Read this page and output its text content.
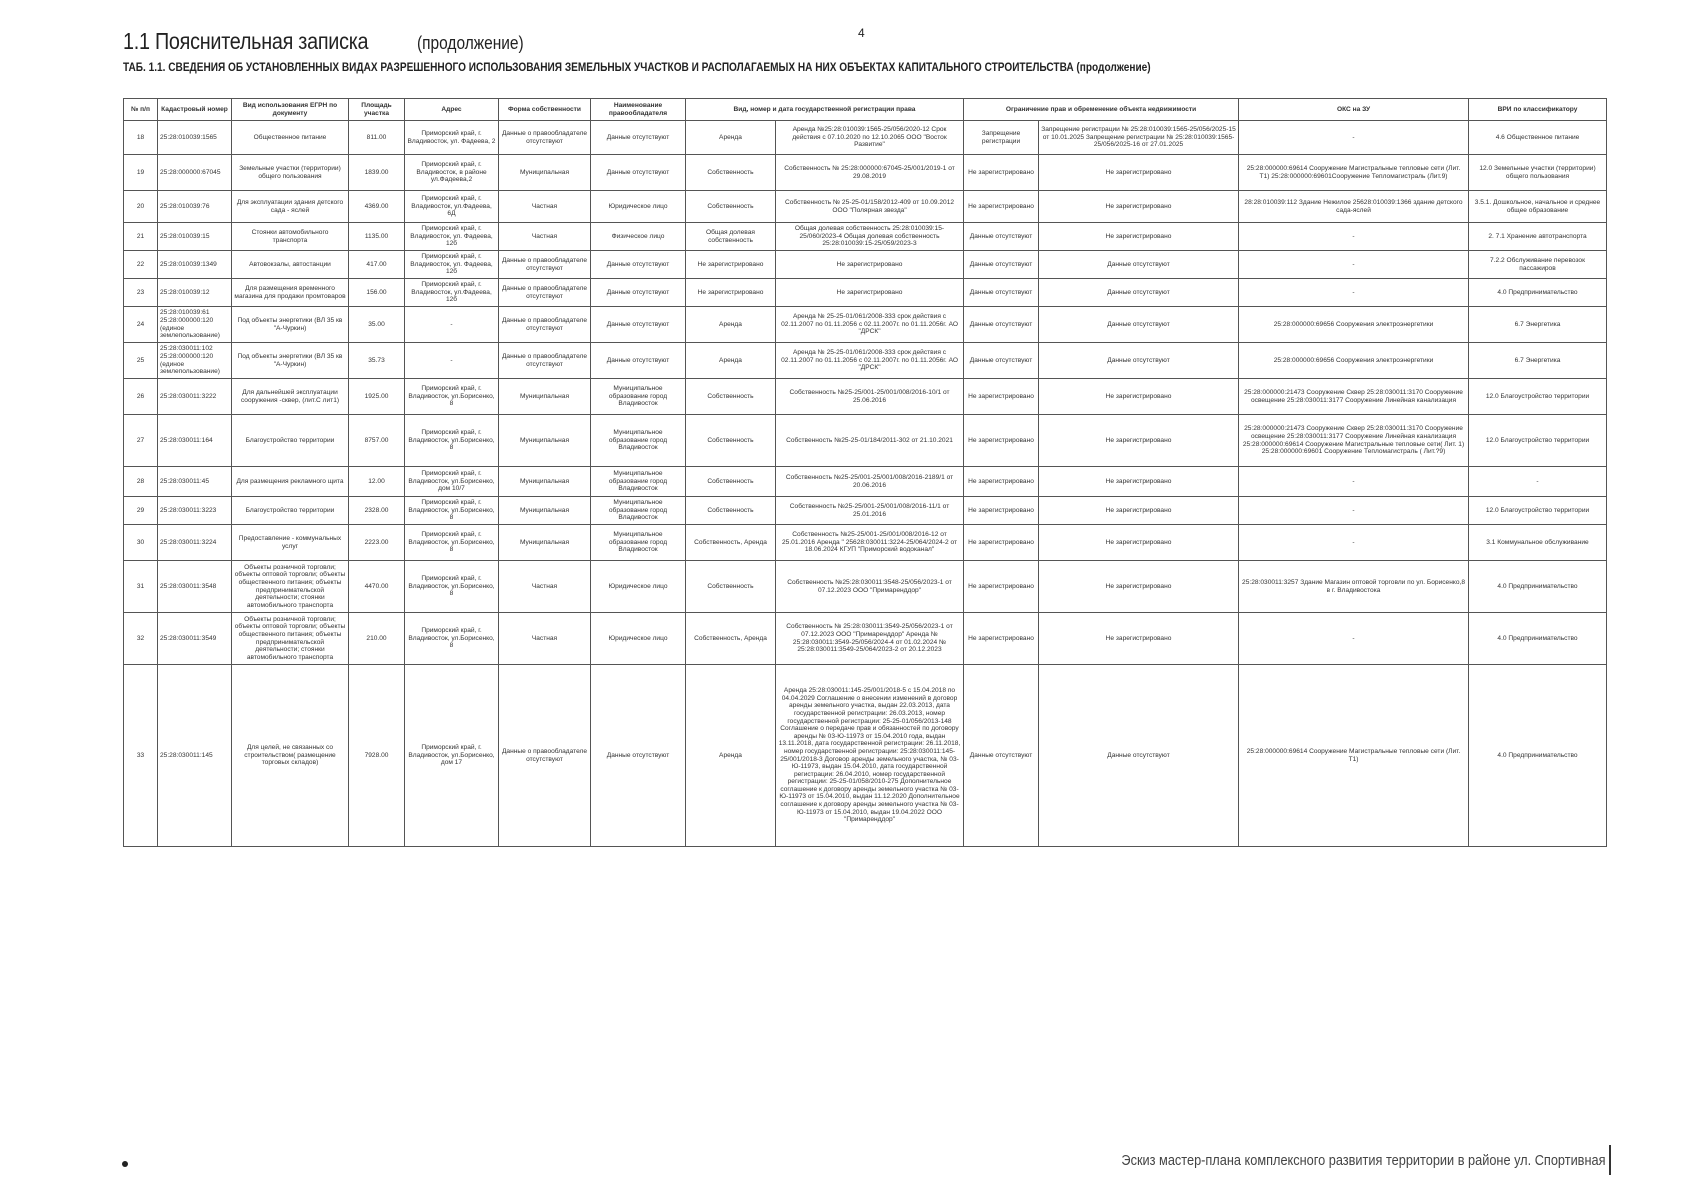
4
1.1 Пояснительная записка	(продолжение)
ТАБ. 1.1. СВЕДЕНИЯ ОБ УСТАНОВЛЕННЫХ ВИДАХ РАЗРЕШЕННОГО ИСПОЛЬЗОВАНИЯ ЗЕМЕЛЬНЫХ УЧАСТКОВ И РАСПОЛАГАЕМЫХ НА НИХ ОБЪЕКТАХ КАПИТАЛЬНОГО СТРОИТЕЛЬСТВА (продолжение)
№ п/п	Кадастровый номер	Вид использования ЕГРН по документу	Площадь участка	Адрес	Форма собственности	Наименование правообладателя	Вид, номер и дата государственной регистрации права		Ограничение прав и обременение объекта недвижимости		ОКС на ЗУ	ВРИ по классификатору
18	25:28:010039:1565	Общественное питание	811.00	Приморский край, г. Владивосток, ул. Фадеева, 2	Данные о правообладателе отсутствуют	Данные отсутствуют	Аренда	Аренда №25:28:010039:1565-25/056/2020-12 Срок действия с 07.10.2020 по 12.10.2065 ООО "Восток Развитие"	Запрещение регистрации	Запрещение регистрации № 25:28:010039:1565-25/056/2025-15 от 10.01.2025 Запрещение регистрации № 25:28:010039:1565-25/056/2025-16 от 27.01.2025	-	4.6 Общественное питание
19	25:28:000000:67045	Земельные участки (территории) общего пользования	1839.00	Приморский край, г. Владивосток, в районе ул.Фадеева,2	Муниципальная	Данные отсутствуют	Собственность	Собственность № 25:28:000000:67045-25/001/2019-1 от 29.08.2019	Не зарегистрировано	Не зарегистрировано	25:28:000000:69614 Сооружение Магистральные тепловые сети (Лит. Т1) 25:28:000000:69601Сооружение Тепломагистраль (Лит.9)	12.0 Земельные участки (территории) общего пользования
20	25:28:010039:76	Для эксплуатации здания детского сада - яслей	4369.00	Приморский край, г. Владивосток, ул.Фадеева, 6Д	Частная	Юридическое лицо	Собственность	Собственность № 25-25-01/158/2012-409 от 10.09.2012 ООО "Полярная звезда"	Не зарегистрировано	Не зарегистрировано	28:28:010039:112 Здание Нежилое 25628:010039:1366 здание детского сада-яслей	3.5.1. Дошкольное, начальное и среднее общее образование
21	25:28:010039:15	Стоянки автомобильного транспорта	1135.00	Приморский край, г. Владивосток, ул. Фадеева, 12б	Частная	Физическое лицо	Общая долевая собственность	Общая долевая собственность 25:28:010039:15-25/060/2023-4 Общая долевая собственность 25:28:010039:15-25/059/2023-3	Данные отсутствуют	Не зарегистрировано	-	2. 7.1 Хранение автотранспорта
22	25:28:010039:1349	Автовокзалы, автостанции	417.00	Приморский край, г. Владивосток, ул. Фадеева, 12б	Данные о правообладателе отсутствуют	Данные отсутствуют	Не зарегистрировано	Не зарегистрировано	Данные отсутствуют	Данные отсутствуют	-	7.2.2 Обслуживание перевозок пассажиров
23	25:28:010039:12	Для размещения временного магазина для продажи промтоваров	156.00	Приморский край, г. Владивосток, ул.Фадеева, 12б	Данные о правообладателе отсутствуют	Данные отсутствуют	Не зарегистрировано	Не зарегистрировано	Данные отсутствуют	Данные отсутствуют	-	4.0 Предпринимательство
24	25:28:010039:61 25:28:000000:120 (единое землепользование)	Под объекты энергетики (ВЛ 35 кв "А-Чуркин)	35.00	-	Данные о правообладателе отсутствуют	Данные отсутствуют	Аренда	Аренда № 25-25-01/061/2008-333 срок действия с 02.11.2007 по 01.11.2056 с 02.11.2007г. по 01.11.2056г. АО "ДРСК"	Данные отсутствуют	Данные отсутствуют	25:28:000000:69656 Сооружения электроэнергетики	6.7 Энергетика
25	25:28:030011:102 25:28:000000:120 (единое землепользование)	Под объекты энергетики (ВЛ 35 кв "А-Чуркин)	35.73	-	Данные о правообладателе отсутствуют	Данные отсутствуют	Аренда	Аренда № 25-25-01/061/2008-333 срок действия с 02.11.2007 по 01.11.2056 с 02.11.2007г. по 01.11.2056г. АО "ДРСК"	Данные отсутствуют	Данные отсутствуют	25:28:000000:69656 Сооружения электроэнергетики	6.7 Энергетика
26	25:28:030011:3222	Для дальнейшей эксплуатации сооружения -сквер, (лит.С лит1)	1925.00	Приморский край, г. Владивосток, ул.Борисенко, 8	Муниципальная	Муниципальное образование город Владивосток	Собственность	Собственность №25-25/001-25/001/008/2016-10/1 от 25.06.2016	Не зарегистрировано	Не зарегистрировано	25:28:000000:21473 Сооружение Сквер 25:28:030011:3170 Сооружение освещение 25:28:030011:3177 Сооружение Линейная канализация	12.0 Благоустройство территории
27	25:28:030011:164	Благоустройство территории	8757.00	Приморский край, г. Владивосток, ул.Борисенко, 8	Муниципальная	Муниципальное образование город Владивосток	Собственность	Собственность №25-25-01/184/2011-302 от 21.10.2021	Не зарегистрировано	Не зарегистрировано	25:28:000000:21473 Сооружение Сквер 25:28:030011:3170 Сооружение освещение 25:28:030011:3177 Сооружение Линейная канализация 25:28:000000:69614 Сооружение Магистральные тепловые сети( Лит. 1) 25:28:000000:69601 Сооружение Тепломагистраль ( Лит.?9)	12.0 Благоустройство территории
28	25:28:030011:45	Для размещения рекламного щита	12.00	Приморский край, г. Владивосток, ул.Борисенко, дом 10/7	Муниципальная	Муниципальное образование город Владивосток	Собственность	Собственность №25-25/001-25/001/008/2016-2189/1 от 20.06.2016	Не зарегистрировано	Не зарегистрировано	-	-
29	25:28:030011:3223	Благоустройство территории	2328.00	Приморский край, г. Владивосток, ул.Борисенко, 8	Муниципальная	Муниципальное образование город Владивосток	Собственность	Собственность №25-25/001-25/001/008/2016-11/1 от 25.01.2016	Не зарегистрировано	Не зарегистрировано	-	12.0 Благоустройство территории
30	25:28:030011:3224	Предоставление - коммунальных услуг	2223.00	Приморский край, г. Владивосток, ул.Борисенко, 8	Муниципальная	Муниципальное образование город Владивосток	Собственность, Аренда	Собственность №25-25/001-25/001/008/2016-12 от 25.01.2016 Аренда " 25628:030011:3224-25/064/2024-2 от 18.06.2024 КГУП "Приморский водоканал"	Не зарегистрировано	Не зарегистрировано	-	3.1 Коммунальное обслуживание
31	25:28:030011:3548	Объекты розничной торговли; объекты оптовой торговли; объекты общественного питания; объекты предпринимательской деятельности; стоянки автомобильного транспорта	4470.00	Приморский край, г. Владивосток, ул.Борисенко, 8	Частная	Юридическое лицо	Собственность	Собственность №25:28:030011:3548-25/056/2023-1 от 07.12.2023 ООО "Примаренддор"	Не зарегистрировано	Не зарегистрировано	25:28:030011:3257 Здание Магазин оптовой торговли по ул. Борисенко,8 в г. Владивостока	4.0 Предпринимательство
32	25:28:030011:3549	Объекты розничной торговли; объекты оптовой торговли; объекты общественного питания; объекты предпринимательской деятельности; стоянки автомобильного транспорта	210.00	Приморский край, г. Владивосток, ул.Борисенко, 8	Частная	Юридическое лицо	Собственность, Аренда	Собственность № 25:28:030011:3549-25/056/2023-1 от 07.12.2023 ООО "Примаренддор" Аренда № 25:28:030011:3549-25/056/2024-4 от 01.02.2024 № 25:28:030011:3549-25/064/2023-2 от 20.12.2023	Не зарегистрировано	Не зарегистрировано	-	4.0 Предпринимательство
33	25:28:030011:145	Для целей, не связанных со строительством( размещение торговых складов)	7928.00	Приморский край, г. Владивосток, ул.Борисенко, дом 17	Данные о правообладателе отсутствуют	Данные отсутствуют	Аренда	Аренда 25:28:030011:145-25/001/2018-5 с 15.04.2018 по 04.04.2029 Соглашение о внесении изменений в договор аренды земельного участка, выдан 22.03.2013, дата государственной регистрации: 26.03.2013, номер государственной регистрации: 25-25-01/056/2013-148 Соглашение о передаче прав и обязанностей по договору аренды № 03-Ю-11973 от 15.04.2010 года, выдан 13.11.2018, дата государственной регистрации: 26.11.2018, номер государственной регистрации: 25:28:030011:145-25/001/2018-3 Договор аренды земельного участка, № 03-Ю-11973, выдан 15.04.2010, дата государственной регистрации: 26.04.2010, номер государственной регистрации: 25-25-01/058/2010-275 Дополнительное соглашение к договору аренды земельного участка № 03-Ю-11973 от 15.04.2010, выдан 11.12.2020 Дополнительное соглашение к договору аренды земельного участка № 03-Ю-11973 от 15.04.2010, выдан 19.04.2022 ООО "Примаренддор"	Данные отсутствуют	Данные отсутствуют	25:28:000000:69614 Сооружение Магистральные тепловые сети (Лит. Т1)	4.0 Предпринимательство
Эскиз мастер-плана комплексного развития территории в районе ул. Спортивная
